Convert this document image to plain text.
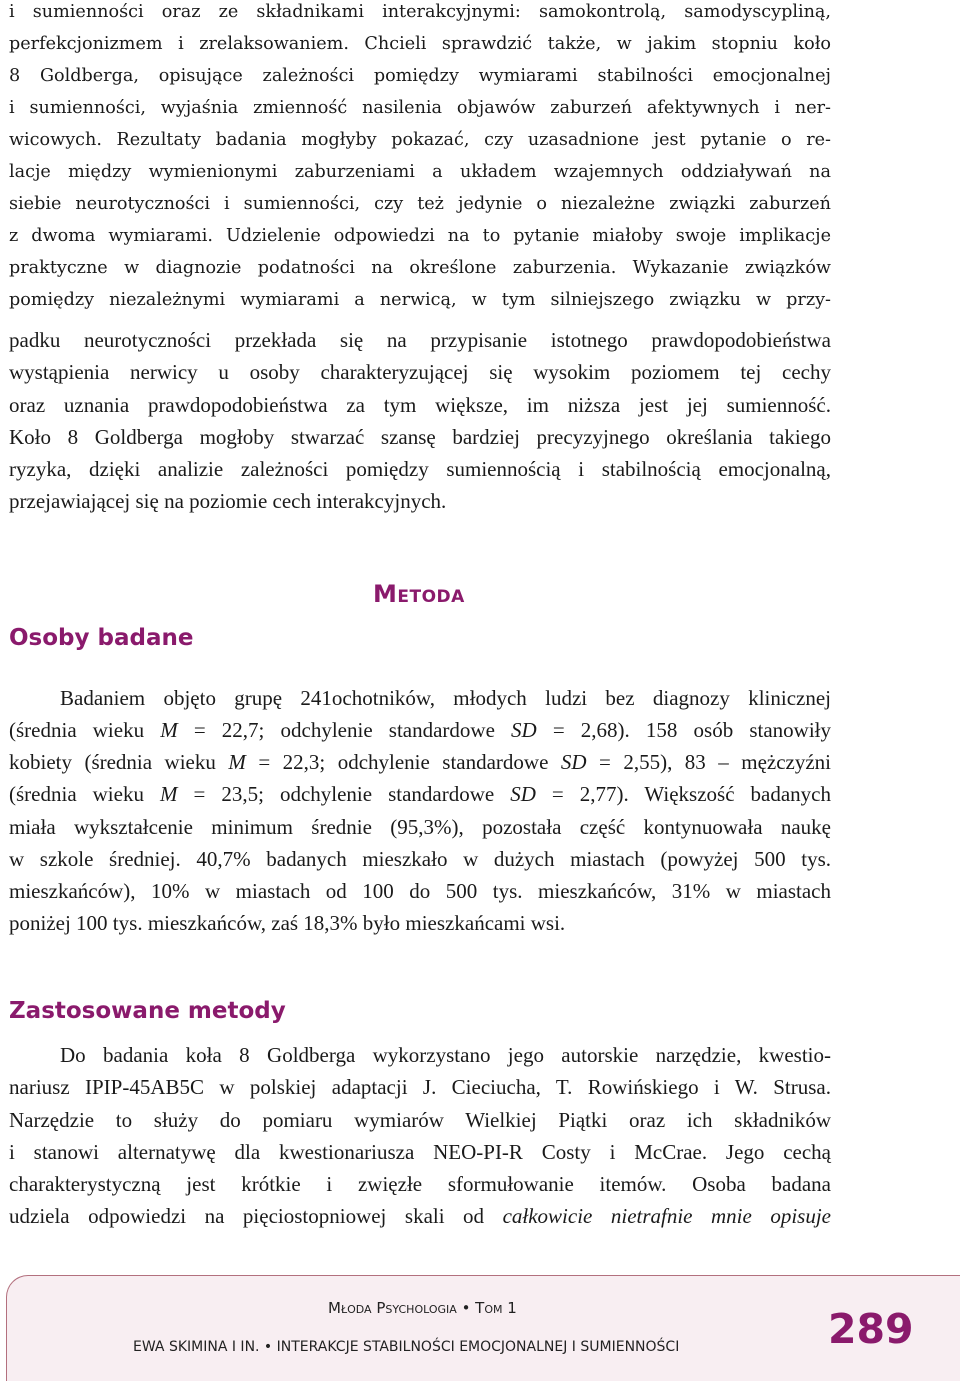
i sumienności oraz ze składnikami interakcyjnymi: samokontrolą, samodyscypliną,
perfekcjonizmem i zrelaksowaniem. Chcieli sprawdzić także, w jakim stopniu koło
8 Goldberga, opisujące zależności pomiędzy wymiarami stabilności emocjonalnej
i sumienności, wyjaśnia zmienność nasilenia objawów zaburzeń afektywnych i ner-
wicowych. Rezultaty badania mogłyby pokazać, czy uzasadnione jest pytanie o re-
lacje między wymienionymi zaburzeniami a układem wzajemnych oddziaływań na
siebie neurotyczności i sumienności, czy też jedynie o niezależne związki zaburzeń
z dwoma wymiarami. Udzielenie odpowiedzi na to pytanie miałoby swoje implikacje
praktyczne w diagnozie podatności na określone zaburzenia. Wykazanie związków
pomiędzy niezależnymi wymiarami a nerwicą, w tym silniejszego związku w przy-
padku neurotyczności przekłada się na przypisanie istotnego prawdopodobieństwa
wystąpienia nerwicy u osoby charakteryzującej się wysokim poziomem tej cechy
oraz uznania prawdopodobieństwa za tym większe, im niższa jest jej sumienność.
Koło 8 Goldberga mogłoby stwarzać szansę bardziej precyzyjnego określania takiego
ryzyka, dzięki analizie zależności pomiędzy sumiennością i stabilnością emocjonalną,
przejawiającej się na poziomie cech interakcyjnych.
Metoda
Osoby badane
Badaniem objęto grupę 241ochotników, młodych ludzi bez diagnozy klinicznej
(średnia wieku M = 22,7; odchylenie standardowe SD = 2,68). 158 osób stanowiły
kobiety (średnia wieku M = 22,3; odchylenie standardowe SD = 2,55), 83 – mężczyźni
(średnia wieku M = 23,5; odchylenie standardowe SD = 2,77). Większość badanych
miała wykształcenie minimum średnie (95,3%), pozostała część kontynuowała naukę
w szkole średniej. 40,7% badanych mieszkało w dużych miastach (powyżej 500 tys.
mieszkańców), 10% w miastach od 100 do 500 tys. mieszkańców, 31% w miastach
poniżej 100 tys. mieszkańców, zaś 18,3% było mieszkańcami wsi.
Zastosowane metody
Do badania koła 8 Goldberga wykorzystano jego autorskie narzędzie, kwestio-
nariusz IPIP-45AB5C w polskiej adaptacji J. Cieciucha, T. Rowińskiego i W. Strusa.
Narzędzie to służy do pomiaru wymiarów Wielkiej Piątki oraz ich składników
i stanowi alternatywę dla kwestionariusza NEO-PI-R Costy i McCrae. Jego cechą
charakterystyczną jest krótkie i zwięzłe sformułowanie itemów. Osoba badana
udziela odpowiedzi na pięciostopniowej skali od całkowicie nietrafnie mnie opisuje
Młoda Psychologia • Tom 1
EWA SKIMINA I IN. • INTERAKCJE STABILNOŚCI EMOCJONALNEJ I SUMIENNOŚCI	289
